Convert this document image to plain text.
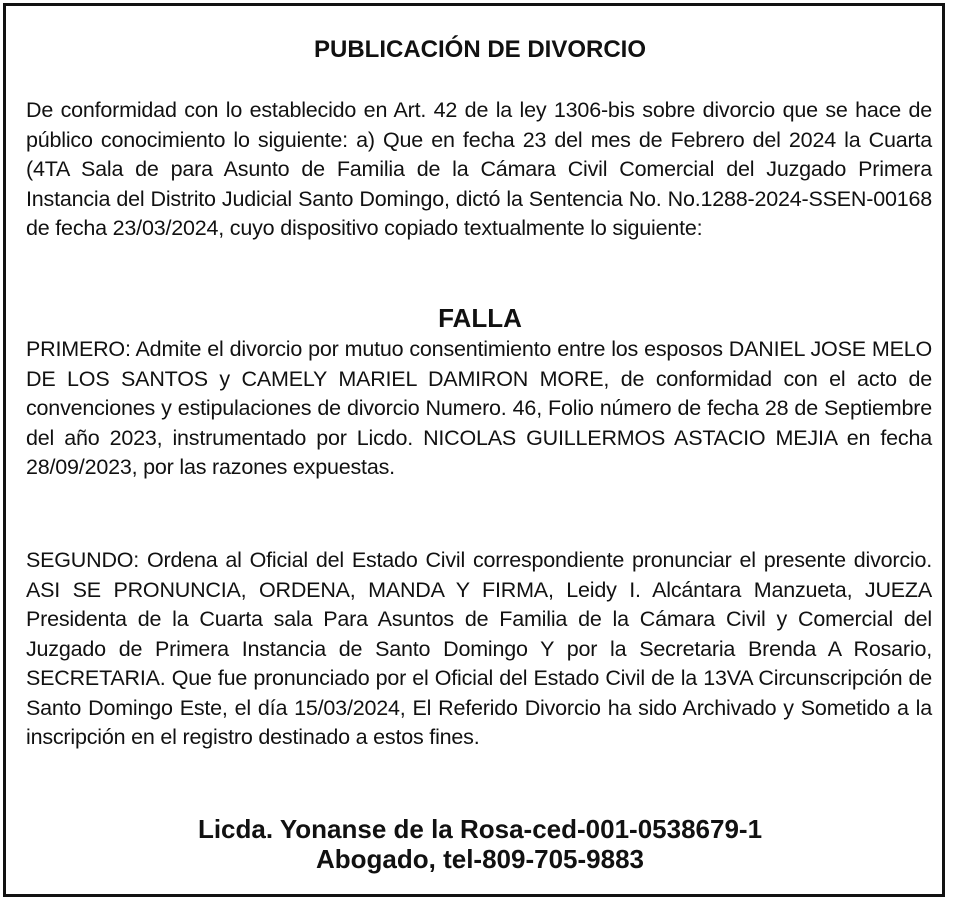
PUBLICACIÓN DE DIVORCIO

De conformidad con lo establecido en Art. 42 de la ley 1306-bis sobre divorcio que se hace de público conocimiento lo siguiente: a) Que en fecha 23 del mes de Febrero del 2024 la Cuarta (4TA Sala de para Asunto de Familia de la Cámara Civil Comercial del Juzgado Primera Instancia del Distrito Judicial Santo Domingo, dictó la Sentencia No. No.1288-2024-SSEN-00168 de fecha 23/03/2024, cuyo dispositivo copiado textualmente lo siguiente:

FALLA

PRIMERO: Admite el divorcio por mutuo consentimiento entre los esposos DANIEL JOSE MELO DE LOS SANTOS y CAMELY MARIEL DAMIRON MORE, de conformidad con el acto de convenciones y estipulaciones de divorcio Numero. 46, Folio número de fecha 28 de Septiembre del año 2023, instrumentado por Licdo. NICOLAS GUILLERMOS ASTACIO MEJIA en fecha 28/09/2023, por las razones expuestas.

SEGUNDO: Ordena al Oficial del Estado Civil correspondiente pronunciar el presente divorcio. ASI SE PRONUNCIA, ORDENA, MANDA Y FIRMA, Leidy I. Alcántara Manzueta, JUEZA Presidenta de la Cuarta sala Para Asuntos de Familia de la Cámara Civil y Comercial del Juzgado de Primera Instancia de Santo Domingo Y por la Secretaria Brenda A Rosario, SECRETARIA. Que fue pronunciado por el Oficial del Estado Civil de la 13VA Circunscripción de Santo Domingo Este, el día 15/03/2024, El Referido Divorcio ha sido Archivado y Sometido a la inscripción en el registro destinado a estos fines.

Licda. Yonanse de la Rosa-ced-001-0538679-1
Abogado, tel-809-705-9883
